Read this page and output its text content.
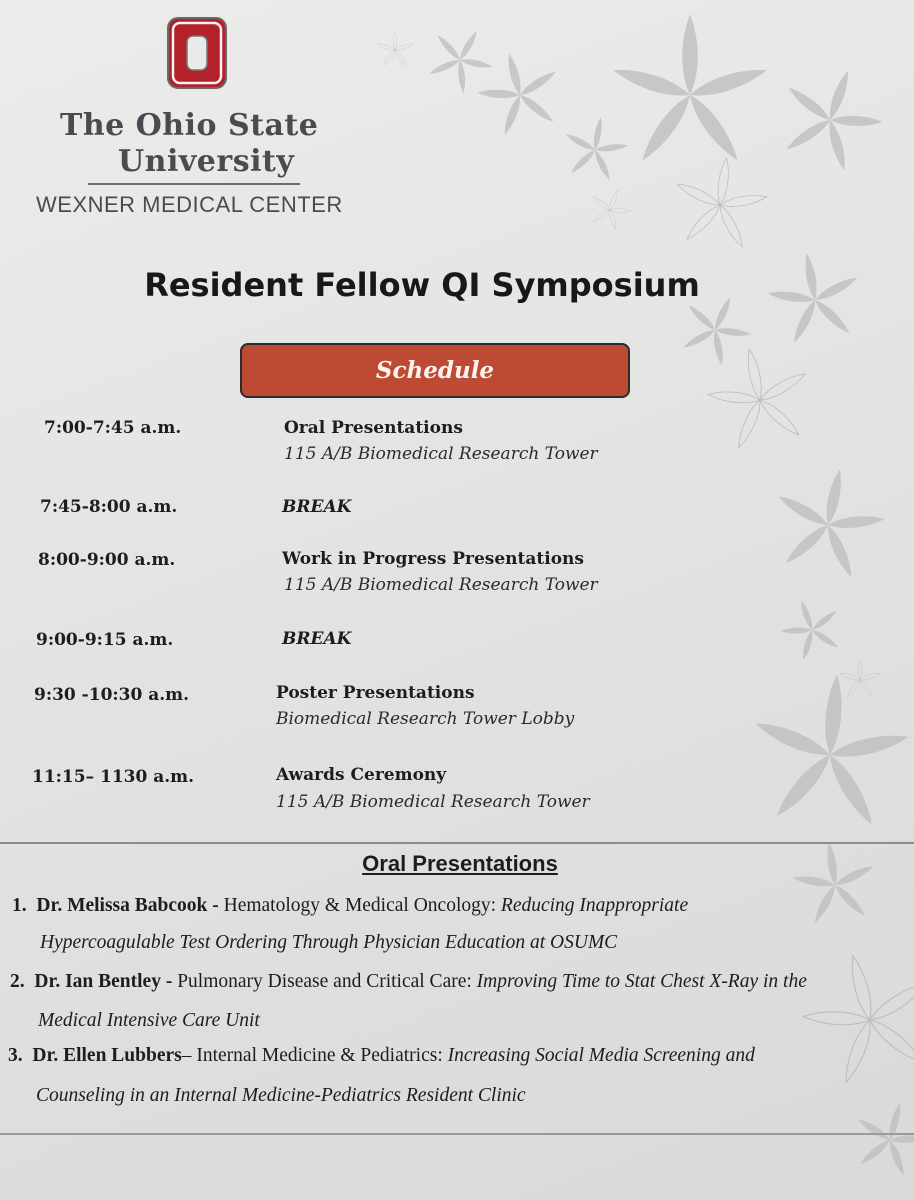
The Ohio State
University
WEXNER MEDICAL CENTER
Resident Fellow QI Symposium
Schedule
7:00-7:45 a.m.	Oral Presentations
115 A/B Biomedical Research Tower
7:45-8:00 a.m.	BREAK
8:00-9:00 a.m.	Work in Progress Presentations
115 A/B Biomedical Research Tower
9:00-9:15 a.m.	BREAK
9:30 -10:30 a.m.	Poster Presentations
Biomedical Research Tower Lobby
11:15– 1130 a.m.	Awards Ceremony
115 A/B Biomedical Research Tower
Oral Presentations
1. Dr. Melissa Babcook - Hematology & Medical Oncology: Reducing Inappropriate
Hypercoagulable Test Ordering Through Physician Education at OSUMC
2. Dr. Ian Bentley - Pulmonary Disease and Critical Care: Improving Time to Stat Chest X-Ray in the
Medical Intensive Care Unit
3. Dr. Ellen Lubbers– Internal Medicine & Pediatrics: Increasing Social Media Screening and
Counseling in an Internal Medicine-Pediatrics Resident Clinic
